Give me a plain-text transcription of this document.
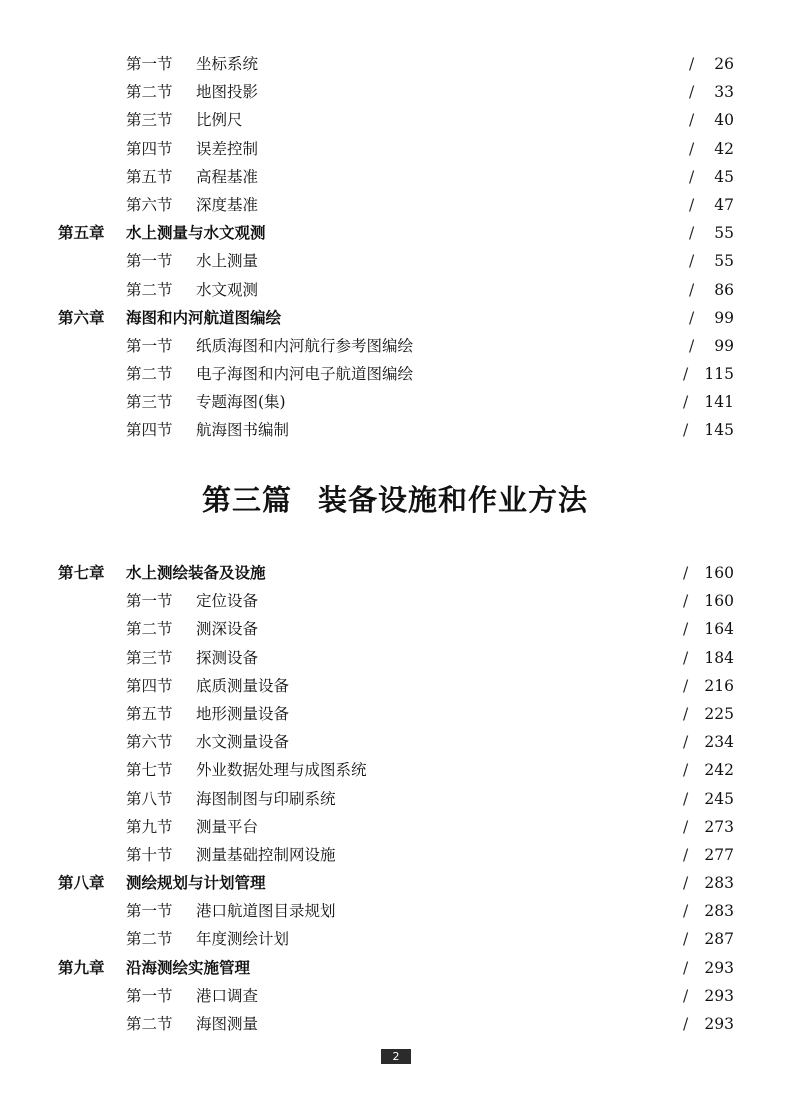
第一节 坐标系统	/ 26
第二节 地图投影	/ 33
第三节 比例尺	/ 40
第四节 误差控制	/ 42
第五节 高程基准	/ 45
第六节 深度基准	/ 47
第五章 水上测量与水文观测	/ 55
第一节 水上测量	/ 55
第二节 水文观测	/ 86
第六章 海图和内河航道图编绘	/ 99
第一节 纸质海图和内河航行参考图编绘	/ 99
第二节 电子海图和内河电子航道图编绘	/ 115
第三节 专题海图(集)	/ 141
第四节 航海图书编制	/ 145
第三篇 装备设施和作业方法
第七章 水上测绘装备及设施	/ 160
第一节 定位设备	/ 160
第二节 测深设备	/ 164
第三节 探测设备	/ 184
第四节 底质测量设备	/ 216
第五节 地形测量设备	/ 225
第六节 水文测量设备	/ 234
第七节 外业数据处理与成图系统	/ 242
第八节 海图制图与印刷系统	/ 245
第九节 测量平台	/ 273
第十节 测量基础控制网设施	/ 277
第八章 测绘规划与计划管理	/ 283
第一节 港口航道图目录规划	/ 283
第二节 年度测绘计划	/ 287
第九章 沿海测绘实施管理	/ 293
第一节 港口调查	/ 293
第二节 海图测量	/ 293
2
